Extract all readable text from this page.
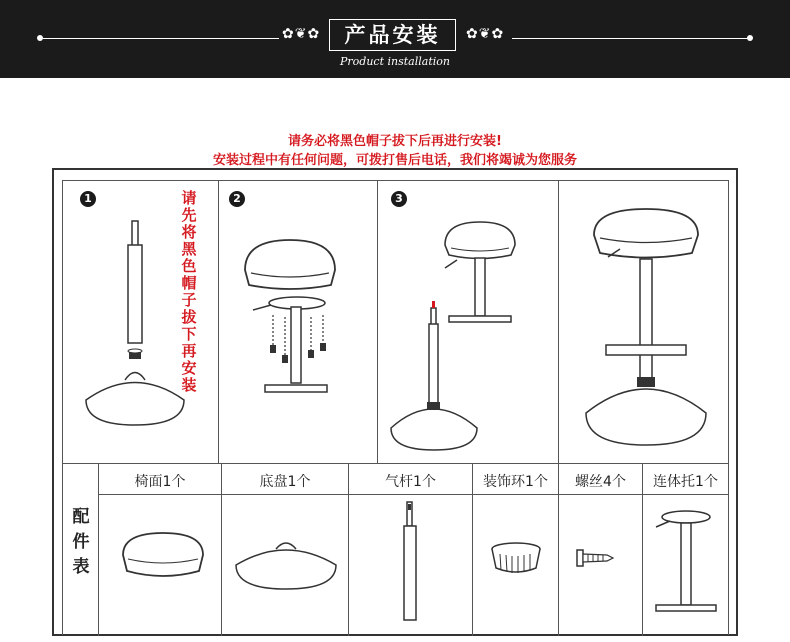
✿❦✿	产品安装	✿❦✿
Product installation
请务必将黑色帽子拔下后再进行安装!
安装过程中有任何问题，可拨打售后电话，我们将竭诚为您服务
1	2	3
请先将黑色帽子拔下再安装
配件表
椅面1个	底盘1个	气杆1个	装饰环1个	螺丝4个	连体托1个
